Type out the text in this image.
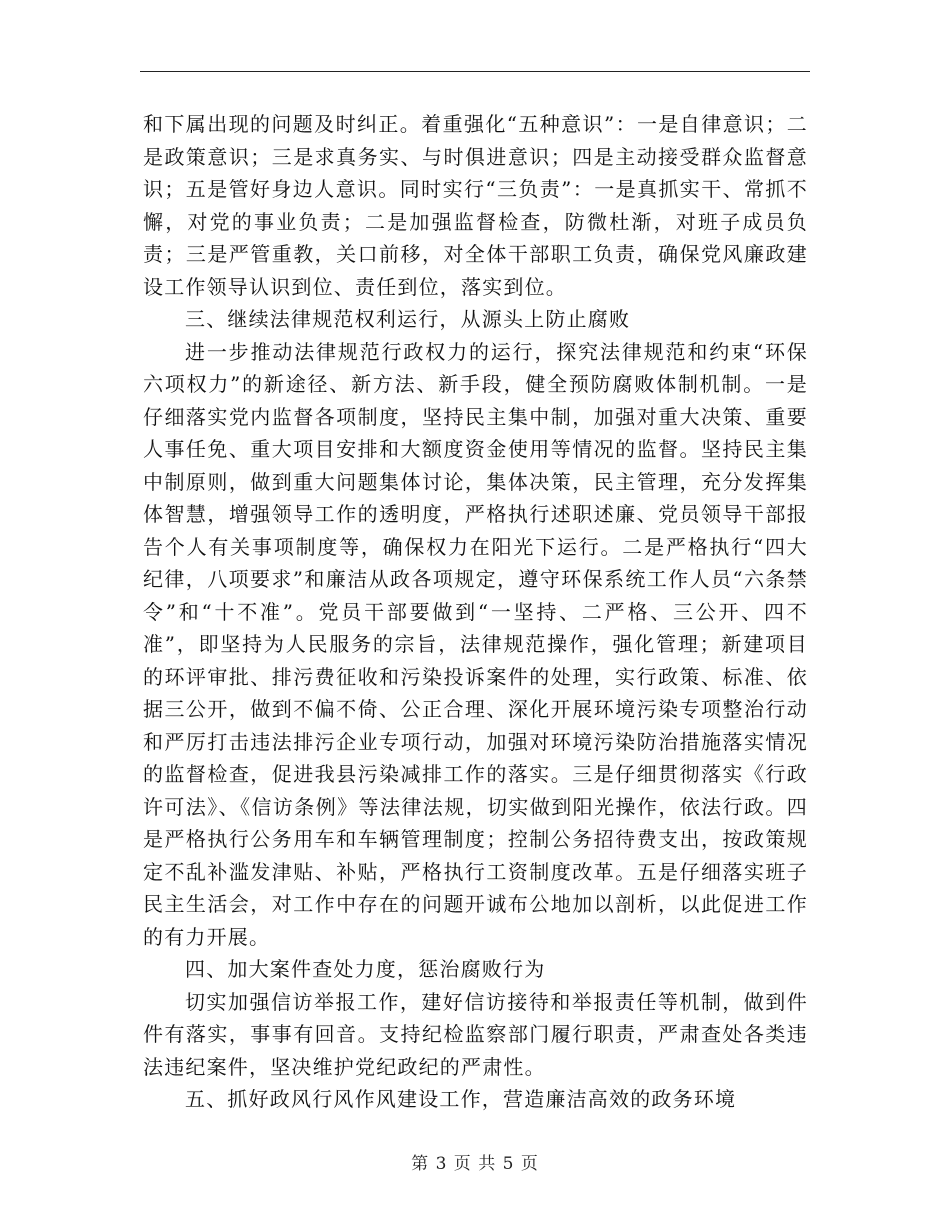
和下属出现的问题及时纠正。着重强化“五种意识”：一是自律意识；二是政策意识；三是求真务实、与时俱进意识；四是主动接受群众监督意识；五是管好身边人意识。同时实行“三负责”：一是真抓实干、常抓不懈，对党的事业负责；二是加强监督检查，防微杜渐，对班子成员负责；三是严管重教，关口前移，对全体干部职工负责，确保党风廉政建设工作领导认识到位、责任到位，落实到位。

三、继续法律规范权利运行，从源头上防止腐败

进一步推动法律规范行政权力的运行，探究法律规范和约束“环保六项权力”的新途径、新方法、新手段，健全预防腐败体制机制。一是仔细落实党内监督各项制度，坚持民主集中制，加强对重大决策、重要人事任免、重大项目安排和大额度资金使用等情况的监督。坚持民主集中制原则，做到重大问题集体讨论，集体决策，民主管理，充分发挥集体智慧，增强领导工作的透明度，严格执行述职述廉、党员领导干部报告个人有关事项制度等，确保权力在阳光下运行。二是严格执行“四大纪律，八项要求”和廉洁从政各项规定，遵守环保系统工作人员“六条禁令”和“十不准”。党员干部要做到“一坚持、二严格、三公开、四不准”，即坚持为人民服务的宗旨，法律规范操作，强化管理；新建项目的环评审批、排污费征收和污染投诉案件的处理，实行政策、标准、依据三公开，做到不偏不倚、公正合理、深化开展环境污染专项整治行动和严厉打击违法排污企业专项行动，加强对环境污染防治措施落实情况的监督检查，促进我县污染减排工作的落实。三是仔细贯彻落实《行政许可法》、《信访条例》等法律法规，切实做到阳光操作，依法行政。四是严格执行公务用车和车辆管理制度；控制公务招待费支出，按政策规定不乱补滥发津贴、补贴，严格执行工资制度改革。五是仔细落实班子民主生活会，对工作中存在的问题开诚布公地加以剖析，以此促进工作的有力开展。

四、加大案件查处力度，惩治腐败行为

切实加强信访举报工作，建好信访接待和举报责任等机制，做到件件有落实，事事有回音。支持纪检监察部门履行职责，严肃查处各类违法违纪案件，坚决维护党纪政纪的严肃性。

五、抓好政风行风作风建设工作，营造廉洁高效的政务环境

第 3 页 共 5 页
